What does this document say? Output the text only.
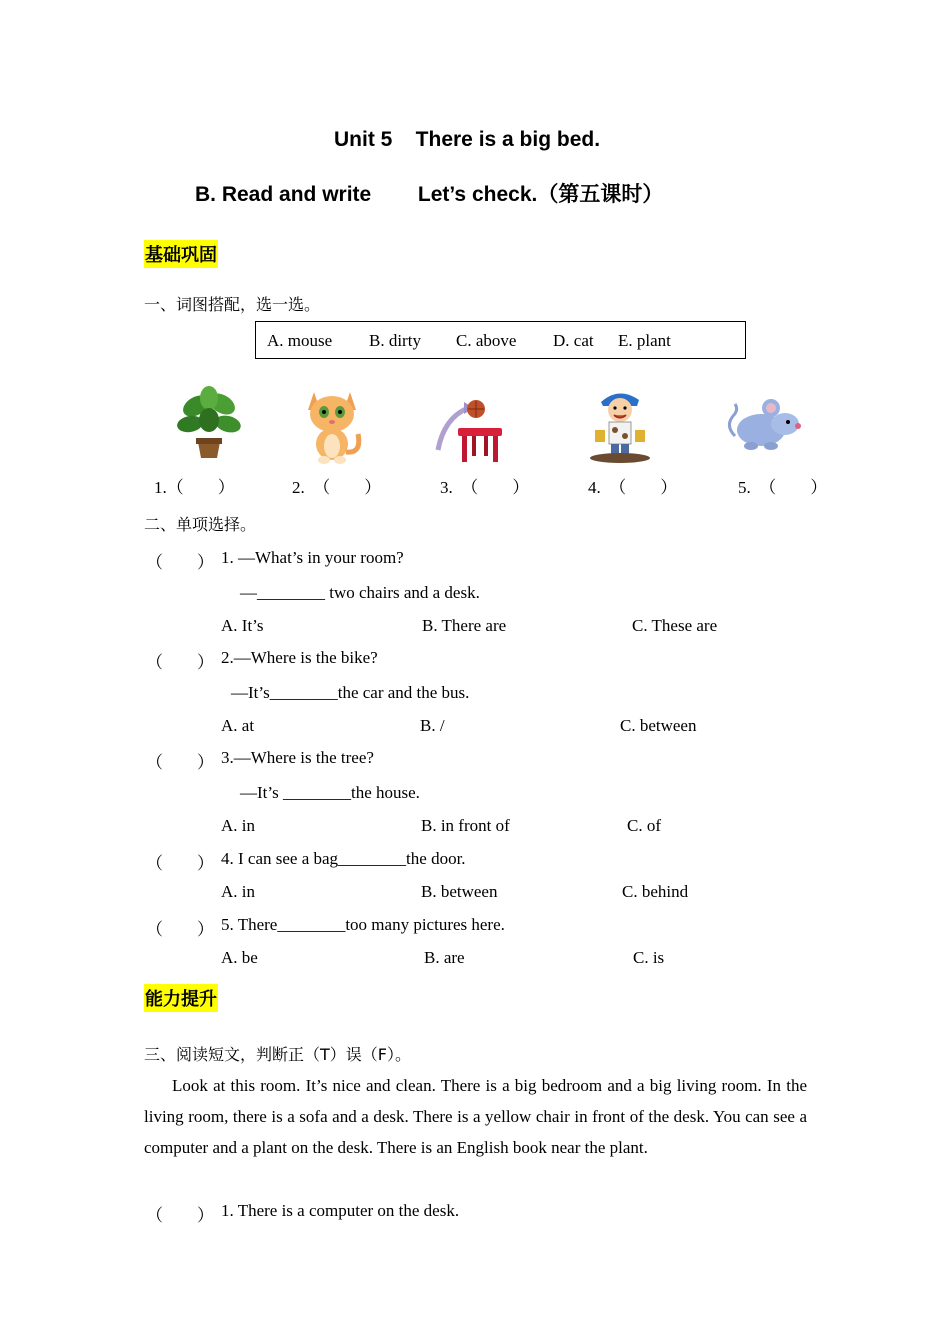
Unit 5    There is a big bed.
B. Read and write        Let’s check.（第五课时）
基础巩固
一、词图搭配，选一选。
A. mouse B. dirty C. above D. cat E. plant
1.（        ）	2.  （        ）	3.  （        ）	4.  （        ）	5.  （        ）
二、单项选择。
（        ） 1. —What’s in your room?
—________ two chairs and a desk.
A. It’s	B. There are	C. These are
（        ） 2.—Where is the bike?
—It’s________the car and the bus.
A. at	B. /	C. between
（        ） 3.—Where is the tree?
—It’s ________the house.
A. in	B. in front of	C. of
（        ） 4. I can see a bag________the door.
A. in	B. between	C. behind
（        ） 5. There________too many pictures here.
A. be	B. are	C. is
能力提升
三、阅读短文，判断正（T）误（F）。
Look at this room. It’s nice and clean. There is a big bedroom and a big living room. In the living room, there is a sofa and a desk. There is a yellow chair in front of the desk. You can see a computer and a plant on the desk. There is an English book near the plant.
（        ） 1. There is a computer on the desk.
